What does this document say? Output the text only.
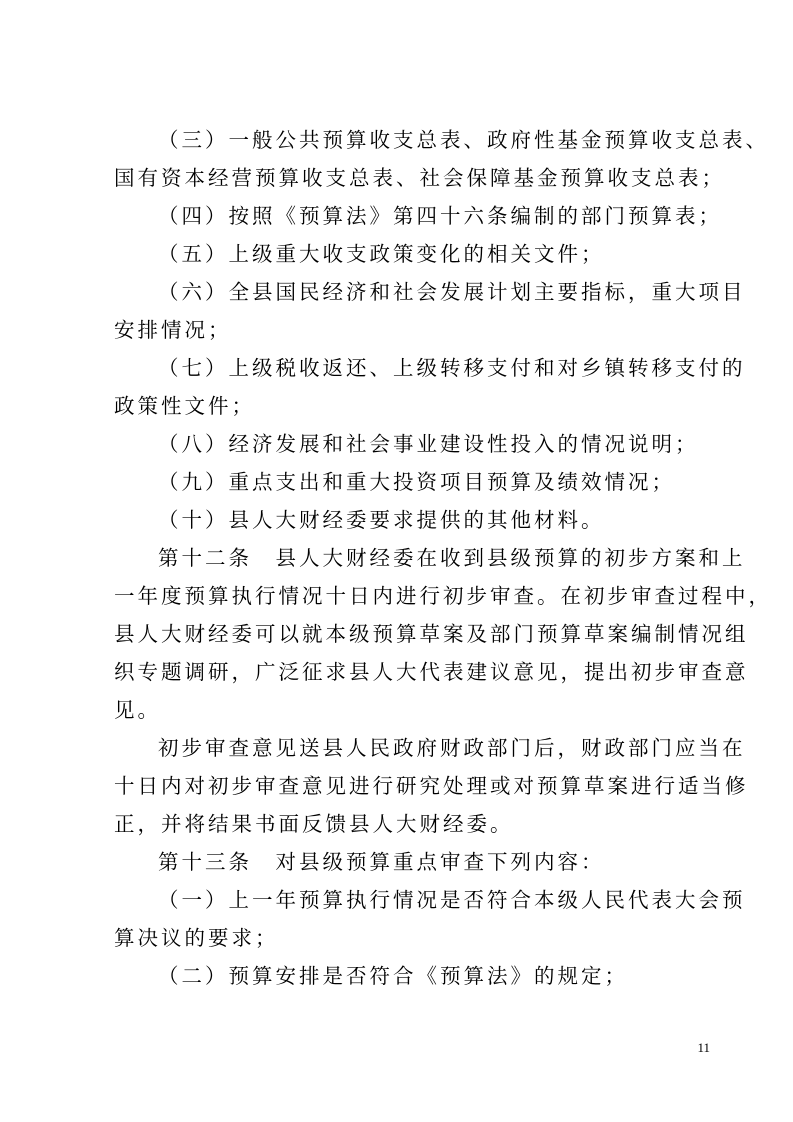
（三）一般公共预算收支总表、政府性基金预算收支总表、
国有资本经营预算收支总表、社会保障基金预算收支总表；
（四）按照《预算法》第四十六条编制的部门预算表；
（五）上级重大收支政策变化的相关文件；
（六）全县国民经济和社会发展计划主要指标，重大项目
安排情况；
（七）上级税收返还、上级转移支付和对乡镇转移支付的
政策性文件；
（八）经济发展和社会事业建设性投入的情况说明；
（九）重点支出和重大投资项目预算及绩效情况；
（十）县人大财经委要求提供的其他材料。
第十二条　县人大财经委在收到县级预算的初步方案和上
一年度预算执行情况十日内进行初步审查。在初步审查过程中，
县人大财经委可以就本级预算草案及部门预算草案编制情况组
织专题调研，广泛征求县人大代表建议意见，提出初步审查意
见。
初步审查意见送县人民政府财政部门后，财政部门应当在
十日内对初步审查意见进行研究处理或对预算草案进行适当修
正，并将结果书面反馈县人大财经委。
第十三条　对县级预算重点审查下列内容：
（一）上一年预算执行情况是否符合本级人民代表大会预
算决议的要求；
（二）预算安排是否符合《预算法》的规定；
11
